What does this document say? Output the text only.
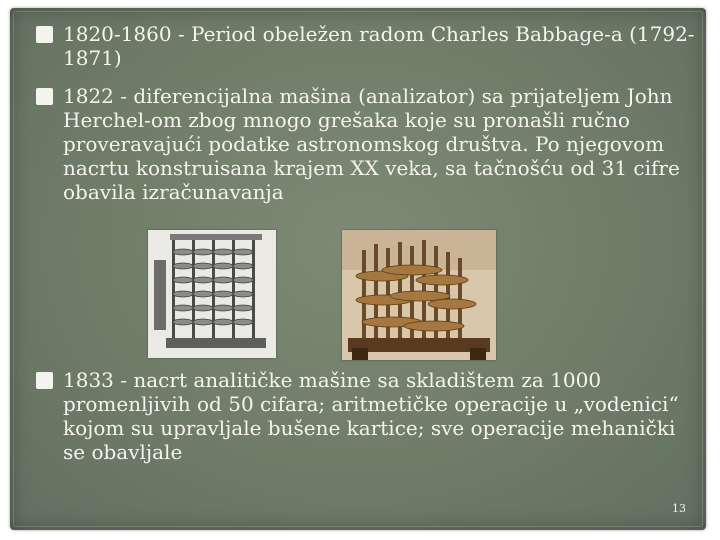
1820-1860 - Period obeležen radom Charles Babbage-a (1792-1871)
1822 - diferencijalna mašina (analizator) sa prijateljem John Herchel-om zbog mnogo grešaka koje su pronašli ručno proveravajući podatke astronomskog društva. Po njegovom nacrtu konstruisana krajem XX veka, sa tačnošću od 31 cifre obavila izračunavanja
1833 - nacrt analitičke mašine sa skladištem za 1000 promenljivih od 50 cifara; aritmetičke operacije u „vodenici“ kojom su upravljale bušene kartice; sve operacije mehanički se obavljale
13
